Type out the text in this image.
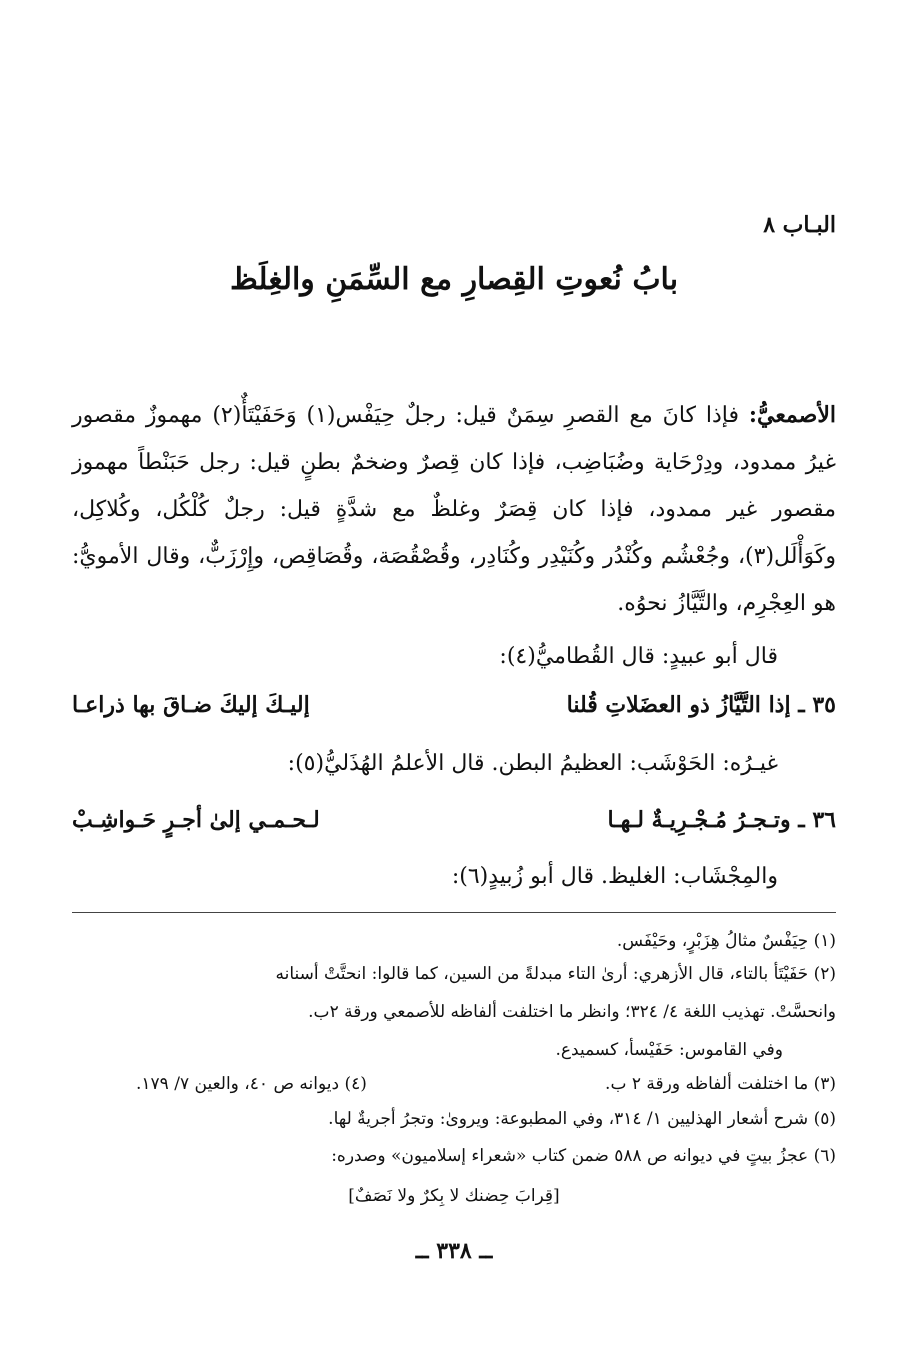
البـاب ٨
بابُ نُعوتِ القِصارِ مع السِّمَنِ والغِلَظ

الأصمعيُّ: فإذا كانَ مع القصرِ سِمَنٌ قيل: رجلٌ حِيَفْس(١) وَحَفَيْتَأٌ(٢) مهموزٌ مقصور غيرُ ممدود، ودِرْحَاية وضُبَاضِب، فإذا كان قِصرٌ وضخمٌ بطنٍ قيل: رجل حَبَنْطاً مهموز مقصور غير ممدود، فإذا كان قِصَرٌ وغلظٌ مع شدَّةٍ قيل: رجلٌ كُلْكُل، وكُلاكِل، وكَوَأْلَل(٣)، وجُعْشُم وكُنْدُر وكُنَيْدِر وكُنَادِر، وقُصْقُصَة، وقُصَاقِص، وإِرْزَبٌّ، وقال الأمويُّ: هو العِجْرِم، والتَّيَّازُ نحوُه.

قال أبو عبيدٍ: قال القُطاميُّ(٤):
٣٥ ـ إذا التَّيَّازُ ذو العضَلاتِ قُلنا
إليـكَ إليكَ ضـاقَ بها ذراعـا
غيـرُه: الحَوْشَب: العظيمُ البطن. قال الأعلمُ الهُذَليُّ(٥):
٣٦ ـ وتـجـرُ مُـجْـرِيـةٌ لـهـا
لـحـمـي إلىٰ أجـرٍ حَـواشِـبْ
والمِجْشَاب: الغليظ. قال أبو زُبيدٍ(٦):
(١) حِيَفْسٌ مثالُ هِزَبْرٍ، وحَيْفَس.
(٢) حَفَيْتَأ بالتاء، قال الأزهري: أرىٰ التاء مبدلةً من السين، كما قالوا: انحتَّتْ أسنانه
وانحسَّتْ. تهذيب اللغة ٤/ ٣٢٤؛ وانظر ما اختلفت ألفاظه للأصمعي ورقة ٢ب.
وفي القاموس: حَفَيْسأ، كسميدع.
(٣) ما اختلفت ألفاظه ورقة ٢ ب.
(٤) ديوانه ص ٤٠، والعين ٧/ ١٧٩.
(٥) شرح أشعار الهذليين ١/ ٣١٤، وفي المطبوعة: ويروىٰ: وتجرُ أجريةٌ لها.
(٦) عجزُ بيتٍ في ديوانه ص ٥٨٨ ضمن كتاب «شعراء إسلاميون» وصدره:
[قِرابَ حِضنك لا بِكرٌ ولا نَصَفٌ]
ــ ٣٣٨ ــ
